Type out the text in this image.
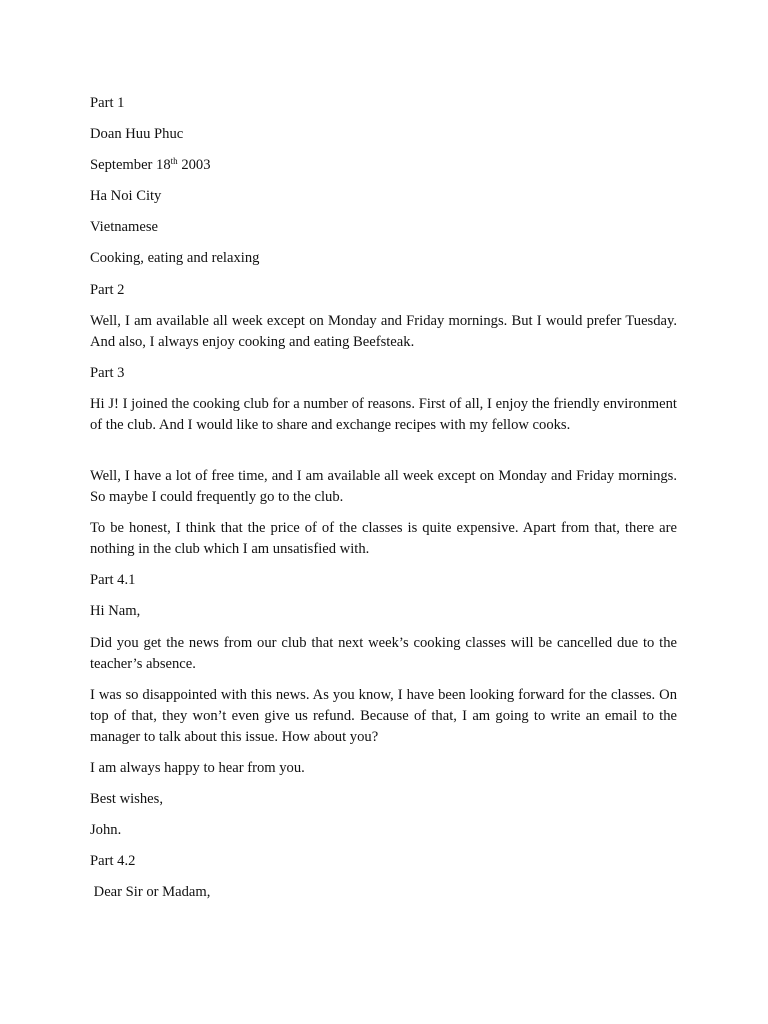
Part 1

Doan Huu Phuc

September 18th 2003

Ha Noi City

Vietnamese

Cooking, eating and relaxing

Part 2

Well, I am available all week except on Monday and Friday mornings. But I would prefer Tuesday. And also, I always enjoy cooking and eating Beefsteak.

Part 3

Hi J! I joined the cooking club for a number of reasons. First of all, I enjoy the friendly environment of the club. And I would like to share and exchange recipes with my fellow cooks.

Well, I have a lot of free time, and I am available all week except on Monday and Friday mornings. So maybe I could frequently go to the club.

To be honest, I think that the price of of the classes is quite expensive. Apart from that, there are nothing in the club which I am unsatisfied with.

Part 4.1

Hi Nam,

Did you get the news from our club that next week’s cooking classes will be cancelled due to the teacher’s absence.

I was so disappointed with this news. As you know, I have been looking forward for the classes. On top of that, they won’t even give us refund. Because of that, I am going to write an email to the manager to talk about this issue. How about you?

I am always happy to hear from you.

Best wishes,

John.

Part 4.2

Dear Sir or Madam,
